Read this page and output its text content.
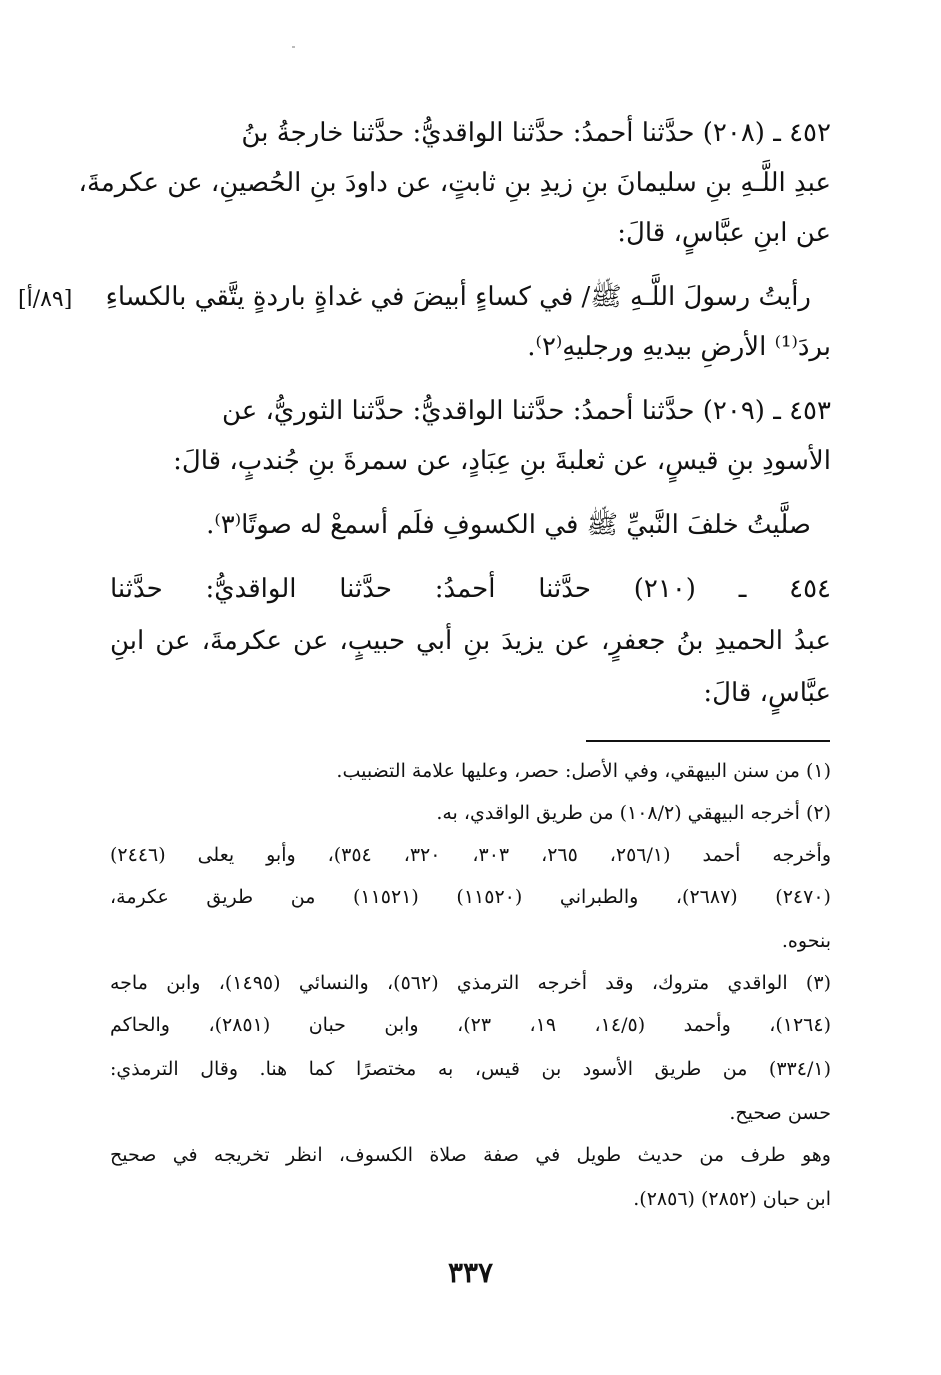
٤٥٢ ـ (٢٠٨) حدَّثنا أحمدُ: حدَّثنا الواقديُّ: حدَّثنا خارجةُ بنُ
عبدِ اللَّـهِ بنِ سليمانَ بنِ زيدِ بنِ ثابتٍ، عن داودَ بنِ الحُصينِ، عن عكرمةَ،
عن ابنِ عبَّاسٍ، قالَ:
رأيتُ رسولَ اللَّـهِ ﷺ/ في كساءٍ أبيضَ في غداةٍ باردةٍ يتَّقي بالكساءِ
[٨٩/أ]
بردَ⁽¹⁾ الأرضِ بيديهِ ورجليهِ⁽٢⁾.
٤٥٣ ـ (٢٠٩) حدَّثنا أحمدُ: حدَّثنا الواقديُّ: حدَّثنا الثوريُّ، عن
الأسودِ بنِ قيسٍ، عن ثعلبةَ بنِ عِبَادٍ، عن سمرةَ بنِ جُندبٍ، قالَ:
صلَّيتُ خلفَ النَّبيِّ ﷺ في الكسوفِ فلَم أسمعْ له صوتًا⁽٣⁾.
٤٥٤ ـ (٢١٠) حدَّثنا أحمدُ: حدَّثنا الواقديُّ: حدَّثنا
عبدُ الحميدِ بنُ جعفرٍ، عن يزيدَ بنِ أبي حبيبٍ، عن عكرمةَ، عن ابنِ
عبَّاسٍ، قالَ:
(١) من سنن البيهقي، وفي الأصل: حصر، وعليها علامة التضبيب.
(٢) أخرجه البيهقي (١٠٨/٢) من طريق الواقدي، به.
وأخرجه أحمد (٢٥٦/١، ٢٦٥، ٣٠٣، ٣٢٠، ٣٥٤)، وأبو يعلى (٢٤٤٦)
(٢٤٧٠) (٢٦٨٧)، والطبراني (١١٥٢٠) (١١٥٢١) من طريق عكرمة،
بنحوه.
(٣) الواقدي متروك، وقد أخرجه الترمذي (٥٦٢)، والنسائي (١٤٩٥)، وابن ماجه
(١٢٦٤)، وأحمد (١٤/٥، ١٩، ٢٣)، وابن حبان (٢٨٥١)، والحاكم
(٣٣٤/١) من طريق الأسود بن قيس، به مختصرًا كما هنا. وقال الترمذي:
حسن صحيح.
وهو طرف من حديث طويل في صفة صلاة الكسوف، انظر تخريجه في صحيح
ابن حبان (٢٨٥٢) (٢٨٥٦).
٣٣٧
